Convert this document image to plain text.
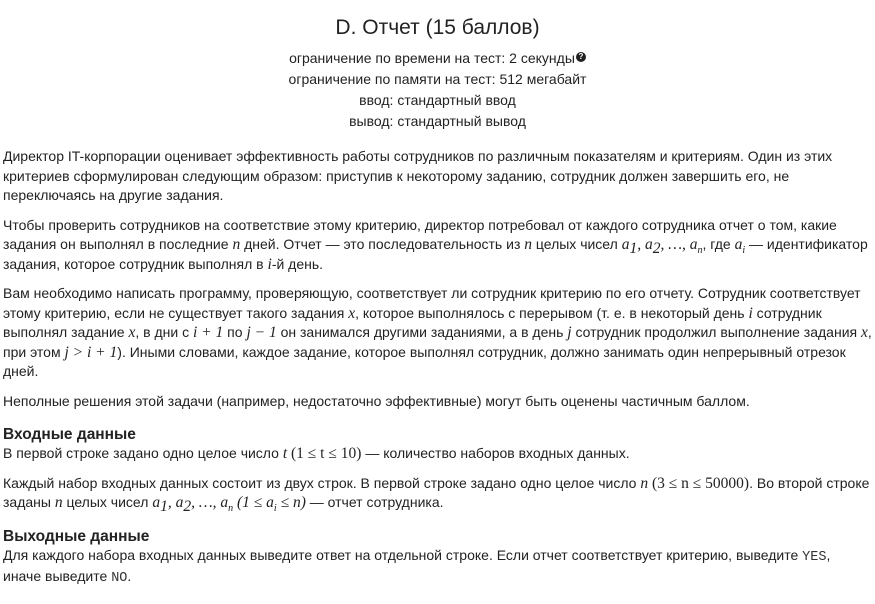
D. Отчет (15 баллов)
ограничение по времени на тест: 2 секунды ?
ограничение по памяти на тест: 512 мегабайт
ввод: стандартный ввод
вывод: стандартный вывод

Директор IT-корпорации оценивает эффективность работы сотрудников по различным показателям и критериям. Один из этих критериев сформулирован следующим образом: приступив к некоторому заданию, сотрудник должен завершить его, не переключаясь на другие задания.

Чтобы проверить сотрудников на соответствие этому критерию, директор потребовал от каждого сотрудника отчет о том, какие задания он выполнял в последние n дней. Отчет — это последовательность из n целых чисел $a_1$, $a_2$, …, $a_n$, где $a_i$ — идентификатор задания, которое сотрудник выполнял в i-й день.

Вам необходимо написать программу, проверяющую, соответствует ли сотрудник критерию по его отчету. Сотрудник соответствует этому критерию, если не существует такого задания x, которое выполнялось с перерывом (т. е. в некоторый день i сотрудник выполнял задание x, в дни с i + 1 по j − 1 он занимался другими заданиями, а в день j сотрудник продолжил выполнение задания x, при этом j > i + 1). Иными словами, каждое задание, которое выполнял сотрудник, должно занимать один непрерывный отрезок дней.

Неполные решения этой задачи (например, недостаточно эффективные) могут быть оценены частичным баллом.

Входные данные

В первой строке задано одно целое число t (1 ≤ t ≤ 10) — количество наборов входных данных.

Каждый набор входных данных состоит из двух строк. В первой строке задано одно целое число n (3 ≤ n ≤ 50000). Во второй строке заданы n целых чисел $a_1$, $a_2$, …, $a_n$ $(1 \le a_i \le n)$ — отчет сотрудника.

Выходные данные

Для каждого набора входных данных выведите ответ на отдельной строке. Если отчет соответствует критерию, выведите YES, иначе выведите NO.
